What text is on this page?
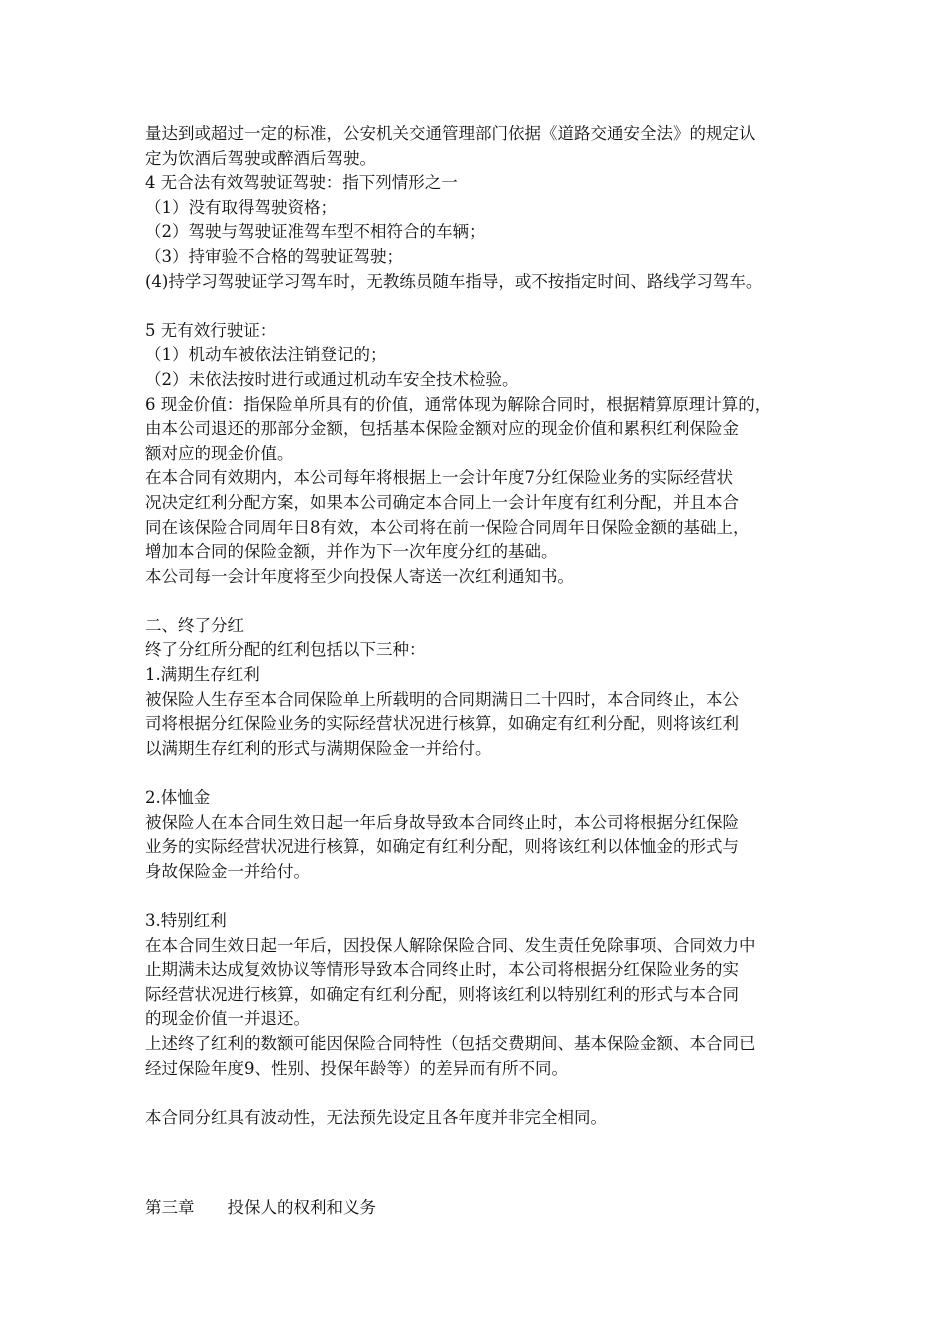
量达到或超过一定的标准，公安机关交通管理部门依据《道路交通安全法》的规定认
定为饮酒后驾驶或醉酒后驾驶。
4 无合法有效驾驶证驾驶：指下列情形之一
（1）没有取得驾驶资格；
（2）驾驶与驾驶证准驾车型不相符合的车辆；
（3）持审验不合格的驾驶证驾驶；
(4)持学习驾驶证学习驾车时，无教练员随车指导，或不按指定时间、路线学习驾车。
5 无有效行驶证：
（1）机动车被依法注销登记的；
（2）未依法按时进行或通过机动车安全技术检验。
6 现金价值：指保险单所具有的价值，通常体现为解除合同时，根据精算原理计算的，
由本公司退还的那部分金额，包括基本保险金额对应的现金价值和累积红利保险金
额对应的现金价值。
在本合同有效期内，本公司每年将根据上一会计年度7分红保险业务的实际经营状
况决定红利分配方案，如果本公司确定本合同上一会计年度有红利分配，并且本合
同在该保险合同周年日8有效，本公司将在前一保险合同周年日保险金额的基础上，
增加本合同的保险金额，并作为下一次年度分红的基础。
本公司每一会计年度将至少向投保人寄送一次红利通知书。
二、终了分红
终了分红所分配的红利包括以下三种：
1.满期生存红利
被保险人生存至本合同保险单上所载明的合同期满日二十四时，本合同终止，本公
司将根据分红保险业务的实际经营状况进行核算，如确定有红利分配，则将该红利
以满期生存红利的形式与满期保险金一并给付。
2.体恤金
被保险人在本合同生效日起一年后身故导致本合同终止时，本公司将根据分红保险
业务的实际经营状况进行核算，如确定有红利分配，则将该红利以体恤金的形式与
身故保险金一并给付。
3.特别红利
在本合同生效日起一年后，因投保人解除保险合同、发生责任免除事项、合同效力中
止期满未达成复效协议等情形导致本合同终止时，本公司将根据分红保险业务的实
际经营状况进行核算，如确定有红利分配，则将该红利以特别红利的形式与本合同
的现金价值一并退还。
上述终了红利的数额可能因保险合同特性（包括交费期间、基本保险金额、本合同已
经过保险年度9、性别、投保年龄等）的差异而有所不同。
本合同分红具有波动性，无法预先设定且各年度并非完全相同。
第三章 投保人的权利和义务
